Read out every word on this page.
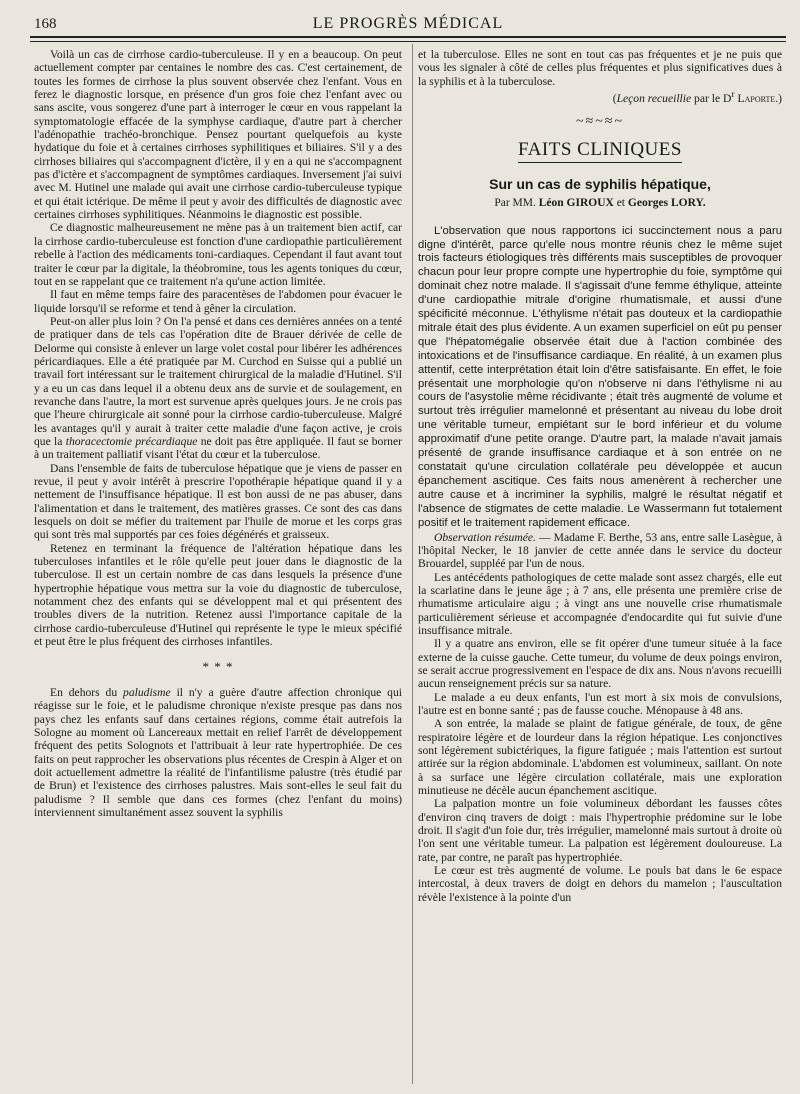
168	LE PROGRÈS MÉDICAL

Voilà un cas de cirrhose cardio-tuberculeuse. Il y en a beaucoup. On peut actuellement compter par centaines le nombre des cas. C'est certainement, de toutes les formes de cirrhose la plus souvent observée chez l'enfant. Vous en ferez le diagnostic lorsque, en présence d'un gros foie chez l'enfant avec ou sans ascite, vous songerez d'une part à interroger le cœur en vous rappelant la symptomatologie effacée de la symphyse cardiaque, d'autre part à chercher l'adénopathie trachéo-bronchique. Pensez pourtant quelquefois au kyste hydatique du foie et à certaines cirrhoses syphilitiques et biliaires. S'il y a des cirrhoses biliaires qui s'accompagnent d'ictère, il y en a qui ne s'accompagnent pas d'ictère et s'accompagnent de symptômes cardiaques. Inversement j'ai suivi avec M. Hutinel une malade qui avait une cirrhose cardio-tuberculeuse typique et qui était ictérique. De même il peut y avoir des difficultés de diagnostic avec certaines cirrhoses syphilitiques. Néanmoins le diagnostic est possible.

Ce diagnostic malheureusement ne mène pas à un traitement bien actif, car la cirrhose cardio-tuberculeuse est fonction d'une cardiopathie particulièrement rebelle à l'action des médicaments toni-cardiaques. Cependant il faut avant tout traiter le cœur par la digitale, la théobromine, tous les agents toniques du cœur, tout en se rappelant que ce traitement n'a qu'une action limitée.

Il faut en même temps faire des paracentèses de l'abdomen pour évacuer le liquide lorsqu'il se reforme et tend à gêner la circulation.

Peut-on aller plus loin ? On l'a pensé et dans ces dernières années on a tenté de pratiquer dans de tels cas l'opération dite de Brauer dérivée de celle de Delorme qui consiste à enlever un large volet costal pour libérer les adhérences péricardiaques. Elle a été pratiquée par M. Curchod en Suisse qui a publié un travail fort intéressant sur le traitement chirurgical de la maladie d'Hutinel. S'il y a eu un cas dans lequel il a obtenu deux ans de survie et de soulagement, en revanche dans l'autre, la mort est survenue après quelques jours. Je ne crois pas que l'heure chirurgicale ait sonné pour la cirrhose cardio-tuberculeuse. Malgré les avantages qu'il y aurait à traiter cette maladie d'une façon active, je crois que la thoracectomie précardiaque ne doit pas être appliquée. Il faut se borner à un traitement palliatif visant l'état du cœur et la tuberculose.

Dans l'ensemble de faits de tuberculose hépatique que je viens de passer en revue, il peut y avoir intérêt à prescrire l'opothérapie hépatique quand il y a nettement de l'insuffisance hépatique. Il est bon aussi de ne pas abuser, dans l'alimentation et dans le traitement, des matières grasses. Ce sont des cas dans lesquels on doit se méfier du traitement par l'huile de morue et les corps gras qui sont très mal supportés par ces foies dégénérés et graisseux.

Retenez en terminant la fréquence de l'altération hépatique dans les tuberculoses infantiles et le rôle qu'elle peut jouer dans le diagnostic de la tuberculose. Il est un certain nombre de cas dans lesquels la présence d'une hypertrophie hépatique vous mettra sur la voie du diagnostic de tuberculose, notamment chez des enfants qui se développent mal et qui présentent des troubles divers de la nutrition. Retenez aussi l'importance capitale de la cirrhose cardio-tuberculeuse d'Hutinel qui représente le type le mieux spécifié et peut être le plus fréquent des cirrhoses infantiles.

* * *

En dehors du paludisme il n'y a guère d'autre affection chronique qui réagisse sur le foie, et le paludisme chronique n'existe presque pas dans nos pays chez les enfants sauf dans certaines régions, comme était autrefois la Sologne au moment où Lancereaux mettait en relief l'arrêt de développement fréquent des petits Solognots et l'attribuait à leur rate hypertrophiée. De ces faits on peut rapprocher les observations plus récentes de Crespin à Alger et on doit actuellement admettre la réalité de l'infantilisme palustre (très étudié par de Brun) et l'existence des cirrhoses palustres. Mais sont-elles le seul fait du paludisme ? Il semble que dans ces formes (chez l'enfant du moins) interviennent simultanément assez souvent la syphilis

et la tuberculose. Elles ne sont en tout cas pas fréquentes et je ne puis que vous les signaler à côté de celles plus fréquentes et plus significatives dues à la syphilis et à la tuberculose.

(Leçon recueillie par le $D^r$ Laporte.)

~≈~≈~
FAITS CLINIQUES
Sur un cas de syphilis hépatique,
Par MM. Léon GIROUX et Georges LORY.

L'observation que nous rapportons ici succinctement nous a paru digne d'intérêt, parce qu'elle nous montre réunis chez le même sujet trois facteurs étiologiques très différents mais susceptibles de provoquer chacun pour leur propre compte une hypertrophie du foie, symptôme qui dominait chez notre malade. Il s'agissait d'une femme éthylique, atteinte d'une cardiopathie mitrale d'origine rhumatismale, et aussi d'une spécificité méconnue. L'éthylisme n'était pas douteux et la cardiopathie mitrale était des plus évidente. A un examen superficiel on eût pu penser que l'hépatomégalie observée était due à l'action combinée des intoxications et de l'insuffisance cardiaque. En réalité, à un examen plus attentif, cette interprétation était loin d'être satisfaisante. En effet, le foie présentait une morphologie qu'on n'observe ni dans l'éthylisme ni au cours de l'asystolie même récidivante ; était très augmenté de volume et surtout très irrégulier mamelonné et présentant au niveau du lobe droit une véritable tumeur, empiétant sur le bord inférieur et du volume approximatif d'une petite orange. D'autre part, la malade n'avait jamais présenté de grande insuffisance cardiaque et à son entrée on ne constatait qu'une circulation collatérale peu développée et aucun épanchement ascitique. Ces faits nous amenèrent à rechercher une autre cause et à incriminer la syphilis, malgré le résultat négatif et l'absence de stigmates de cette maladie. Le Wassermann fut totalement positif et le traitement rapidement efficace.

Observation résumée. — Madame F. Berthe, 53 ans, entre salle Lasègue, à l'hôpital Necker, le 18 janvier de cette année dans le service du docteur Brouardel, suppléé par l'un de nous.

Les antécédents pathologiques de cette malade sont assez chargés, elle eut la scarlatine dans le jeune âge ; à 7 ans, elle présenta une première crise de rhumatisme articulaire aigu ; à vingt ans une nouvelle crise rhumatismale particulièrement sérieuse et accompagnée d'endocardite qui fut suivie d'une insuffisance mitrale.

Il y a quatre ans environ, elle se fit opérer d'une tumeur située à la face externe de la cuisse gauche. Cette tumeur, du volume de deux poings environ, se serait accrue progressivement en l'espace de dix ans. Nous n'avons recueilli aucun renseignement précis sur sa nature.

Le malade a eu deux enfants, l'un est mort à six mois de convulsions, l'autre est en bonne santé ; pas de fausse couche. Ménopause à 48 ans.

A son entrée, la malade se plaint de fatigue générale, de toux, de gêne respiratoire légère et de lourdeur dans la région hépatique. Les conjonctives sont légèrement subictériques, la figure fatiguée ; mais l'attention est surtout attirée sur la région abdominale. L'abdomen est volumineux, saillant. On note à sa surface une légère circulation collatérale, mais une exploration minutieuse ne décèle aucun épanchement ascitique.

La palpation montre un foie volumineux débordant les fausses côtes d'environ cinq travers de doigt : mais l'hypertrophie prédomine sur le lobe droit. Il s'agit d'un foie dur, très irrégulier, mamelonné mais surtout à droite où l'on sent une véritable tumeur. La palpation est légèrement douloureuse. La rate, par contre, ne paraît pas hypertrophiée.

Le cœur est très augmenté de volume. Le pouls bat dans le 6e espace intercostal, à deux travers de doigt en dehors du mamelon ; l'auscultation révèle l'existence à la pointe d'un
